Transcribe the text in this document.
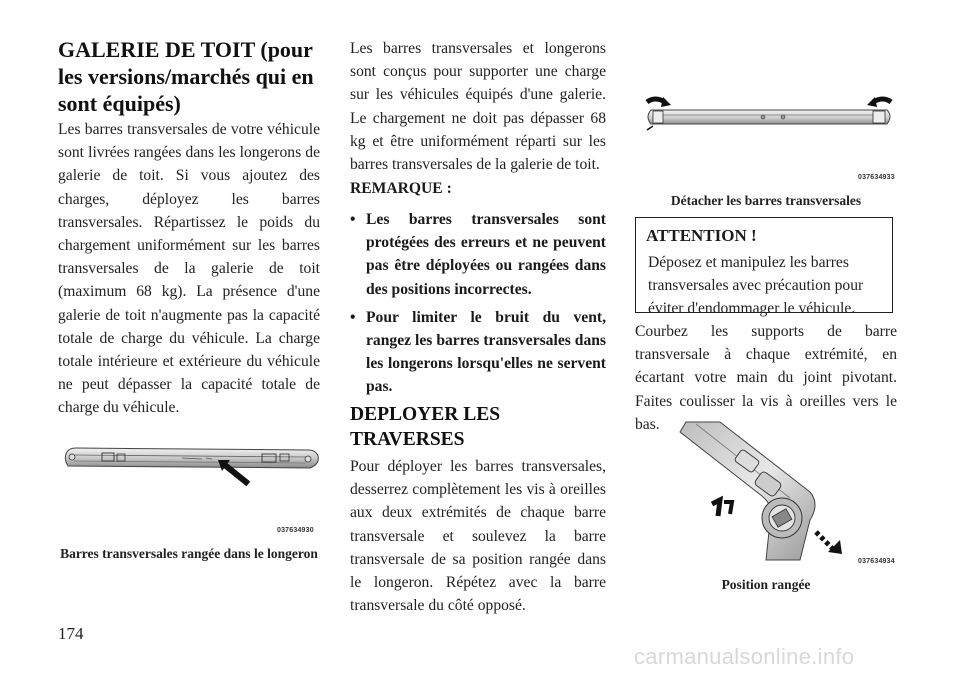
GALERIE DE TOIT (pour les versions/marchés qui en sont équipés)

Les barres transversales de votre véhicule sont livrées rangées dans les longerons de galerie de toit. Si vous ajoutez des charges, déployez les barres transversales. Répartissez le poids du chargement uniformément sur les barres transversales de la galerie de toit (maximum 68 kg). La présence d'une galerie de toit n'augmente pas la capacité totale de charge du véhicule. La charge totale intérieure et extérieure du véhicule ne peut dépasser la capacité totale de charge du véhicule.

037634930

Barres transversales rangée dans le longeron

Les barres transversales et longerons sont conçus pour supporter une charge sur les véhicules équipés d'une galerie. Le chargement ne doit pas dépasser 68 kg et être uniformément réparti sur les barres transversales de la galerie de toit.

REMARQUE :

• Les barres transversales sont protégées des erreurs et ne peuvent pas être déployées ou rangées dans des positions incorrectes.
• Pour limiter le bruit du vent, rangez les barres transversales dans les longerons lorsqu'elles ne servent pas.
DEPLOYER LES TRAVERSES

Pour déployer les barres transversales, desserrez complètement les vis à oreilles aux deux extrémités de chaque barre transversale et soulevez la barre transversale de sa position rangée dans le longeron. Répétez avec la barre transversale du côté opposé.

037634933

Détacher les barres transversales

ATTENTION !

Déposez et manipulez les barres transversales avec précaution pour éviter d'endommager le véhicule.

Courbez les supports de barre transversale à chaque extrémité, en écartant votre main du joint pivotant. Faites coulisser la vis à oreilles vers le bas.

037634934

Position rangée

174

carmanualsonline.info
